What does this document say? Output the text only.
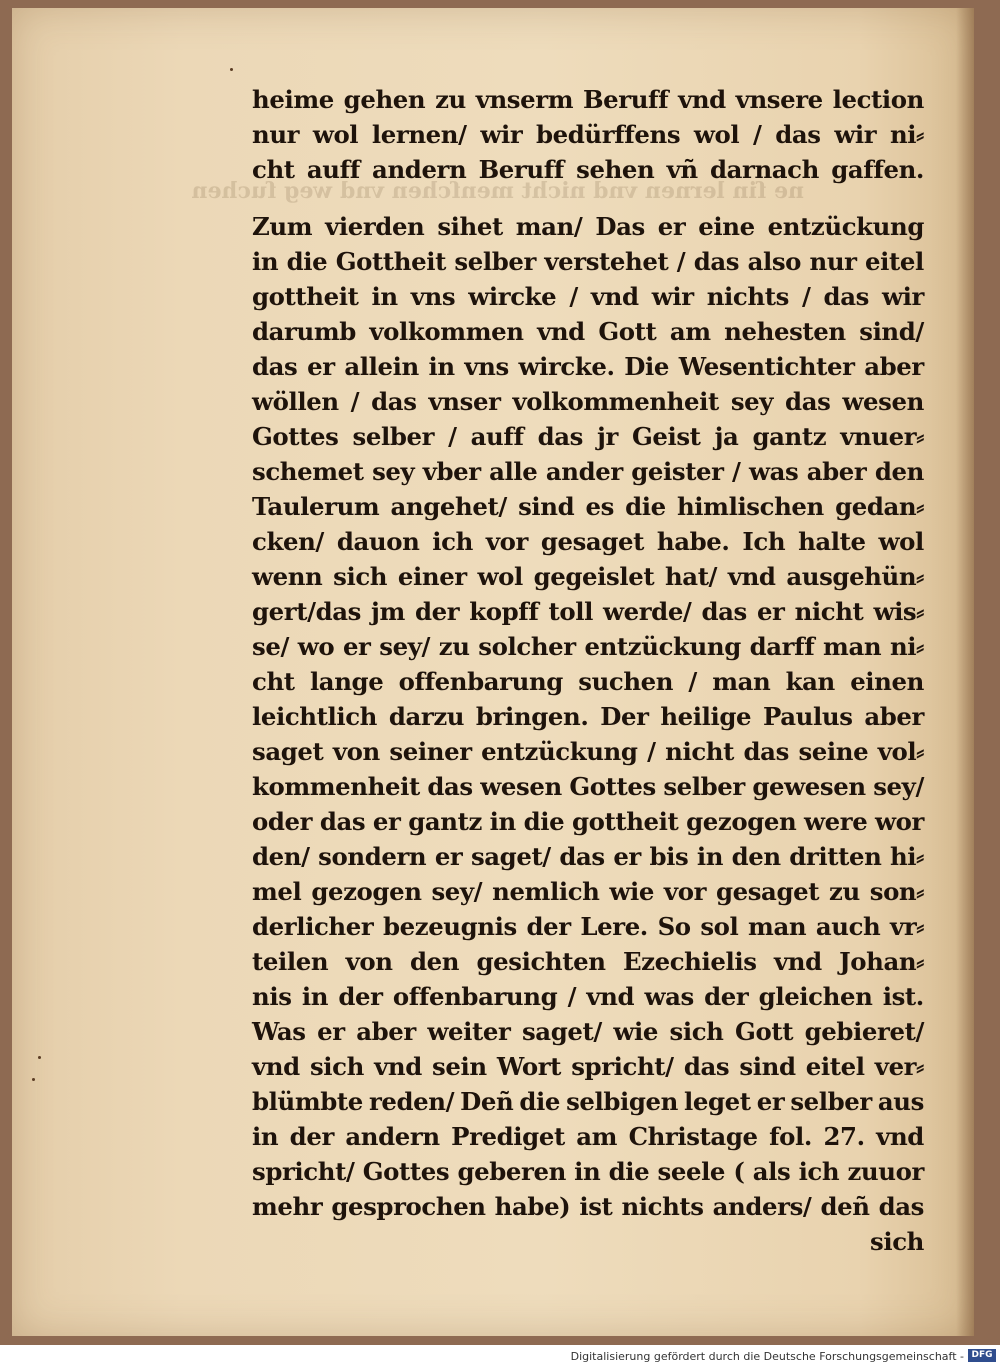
ne ſin lernen vnd nicht menſchen vnd weg ſuchen
heime gehen zu vnserm Beruff vnd vnsere lection
nur wol lernen/ wir bedürffens wol / das wir ni⸗
cht auff andern Beruff sehen vñ darnach gaffen.
Zum vierden sihet man/ Das er eine entzückung
in die Gottheit selber verstehet / das also nur eitel
gottheit in vns wircke / vnd wir nichts / das wir
darumb volkommen vnd Gott am nehesten sind/
das er allein in vns wircke. Die Wesentichter aber
wöllen / das vnser volkommenheit sey das wesen
Gottes selber / auff das jr Geist ja gantz vnuer⸗
schemet sey vber alle ander geister / was aber den
Taulerum angehet/ sind es die himlischen gedan⸗
cken/ dauon ich vor gesaget habe. Ich halte wol
wenn sich einer wol gegeislet hat/ vnd ausgehün⸗
gert/das jm der kopff toll werde/ das er nicht wis⸗
se/ wo er sey/ zu solcher entzückung darff man ni⸗
cht lange offenbarung suchen / man kan einen
leichtlich darzu bringen. Der heilige Paulus aber
saget von seiner entzückung / nicht das seine vol⸗
kommenheit das wesen Gottes selber gewesen sey/
oder das er gantz in die gottheit gezogen were wor
den/ sondern er saget/ das er bis in den dritten hi⸗
mel gezogen sey/ nemlich wie vor gesaget zu son⸗
derlicher bezeugnis der Lere. So sol man auch vr⸗
teilen von den gesichten Ezechielis vnd Johan⸗
nis in der offenbarung / vnd was der gleichen ist.
Was er aber weiter saget/ wie sich Gott gebieret/
vnd sich vnd sein Wort spricht/ das sind eitel ver⸗
blümbte reden/ Deñ die selbigen leget er selber aus
in der andern Prediget am Christage fol. 27. vnd
spricht/ Gottes geberen in die seele ( als ich zuuor
mehr gesprochen habe) ist nichts anders/ deñ das
sich
Digitalisierung gefördert durch die Deutsche Forschungsgemeinschaft - DFG
